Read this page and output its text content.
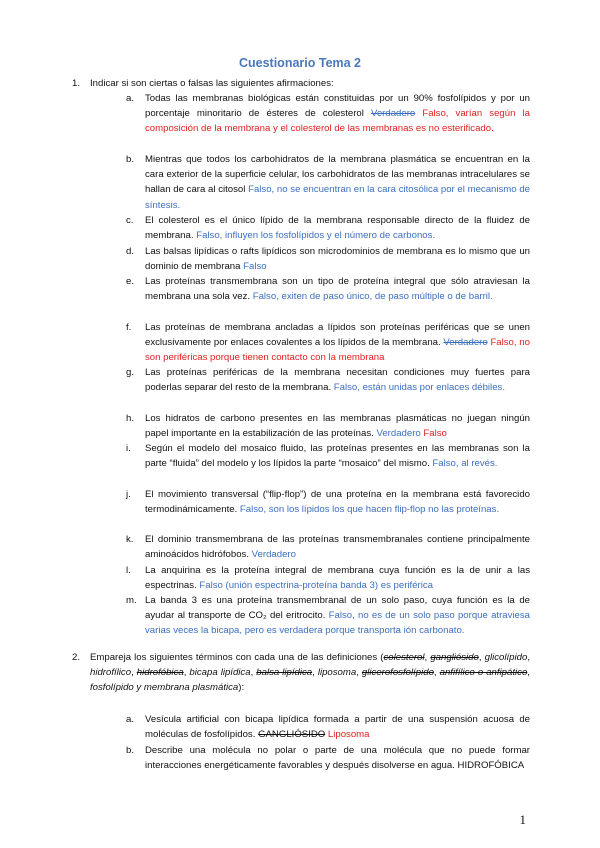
Cuestionario Tema 2
1. Indicar si son ciertas o falsas las siguientes afirmaciones:

a. Todas las membranas biológicas están constituidas por un 90% fosfolípidos y por un porcentaje minoritario de ésteres de colesterol Verdadero Falso, varían según la composición de la membrana y el colesterol de las membranas es no esterificado.

b. Mientras que todos los carbohidratos de la membrana plasmática se encuentran en la cara exterior de la superficie celular, los carbohidratos de las membranas intracelulares se hallan de cara al citosol Falso, no se encuentran en la cara citosólica por el mecanismo de síntesis.

c. El colesterol es el único lípido de la membrana responsable directo de la fluidez de membrana. Falso, influyen los fosfolípidos y el número de carbonos.

d. Las balsas lipídicas o rafts lipídicos son microdominios de membrana es lo mismo que un dominio de membrana Falso

e. Las proteínas transmembrana son un tipo de proteína integral que sólo atraviesan la membrana una sola vez. Falso, exiten de paso único, de paso múltiple o de barril.

f. Las proteínas de membrana ancladas a lípidos son proteínas periféricas que se unen exclusivamente por enlaces covalentes a los lípidos de la membrana. Verdadero Falso, no son periféricas porque tienen contacto con la membrana

g. Las proteínas periféricas de la membrana necesitan condiciones muy fuertes para poderlas separar del resto de la membrana. Falso, están unidas por enlaces débiles.

h. Los hidratos de carbono presentes en las membranas plasmáticas no juegan ningún papel importante en la estabilización de las proteínas. Verdadero Falso

i. Según el modelo del mosaico fluido, las proteínas presentes en las membranas son la parte “fluida” del modelo y los lípidos la parte “mosaico” del mismo. Falso, al revés.

j. El movimiento transversal (“flip-flop”) de una proteína en la membrana está favorecido termodinámicamente. Falso, son los lípidos los que hacen flip-flop no las proteínas.

k. El dominio transmembrana de las proteínas transmembranales contiene principalmente aminoácidos hidrófobos. Verdadero

l. La anquirina es la proteína integral de membrana cuya función es la de unir a las espectrinas. Falso (unión espectrina-proteína banda 3) es periférica

m. La banda 3 es una proteína transmembranal de un solo paso, cuya función es la de ayudar al transporte de CO₂ del eritrocito. Falso, no es de un solo paso porque atraviesa varias veces la bicapa, pero es verdadera porque transporta ión carbonato.

2. Empareja los siguientes términos con cada una de las definiciones (colesterol, gangliósido, glicolípido, hidrofílico, hidrofóbica, bicapa lipídica, balsa lipídica, liposoma, glicerofosfolípido, anfifílico o anfipático, fosfolípido y membrana plasmática):

a. Vesícula artificial con bicapa lipídica formada a partir de una suspensión acuosa de moléculas de fosfolípidos. GANGLIÓSIDO Liposoma

b. Describe una molécula no polar o parte de una molécula que no puede formar interacciones energéticamente favorables y después disolverse en agua. HIDROFÓBICA

1
